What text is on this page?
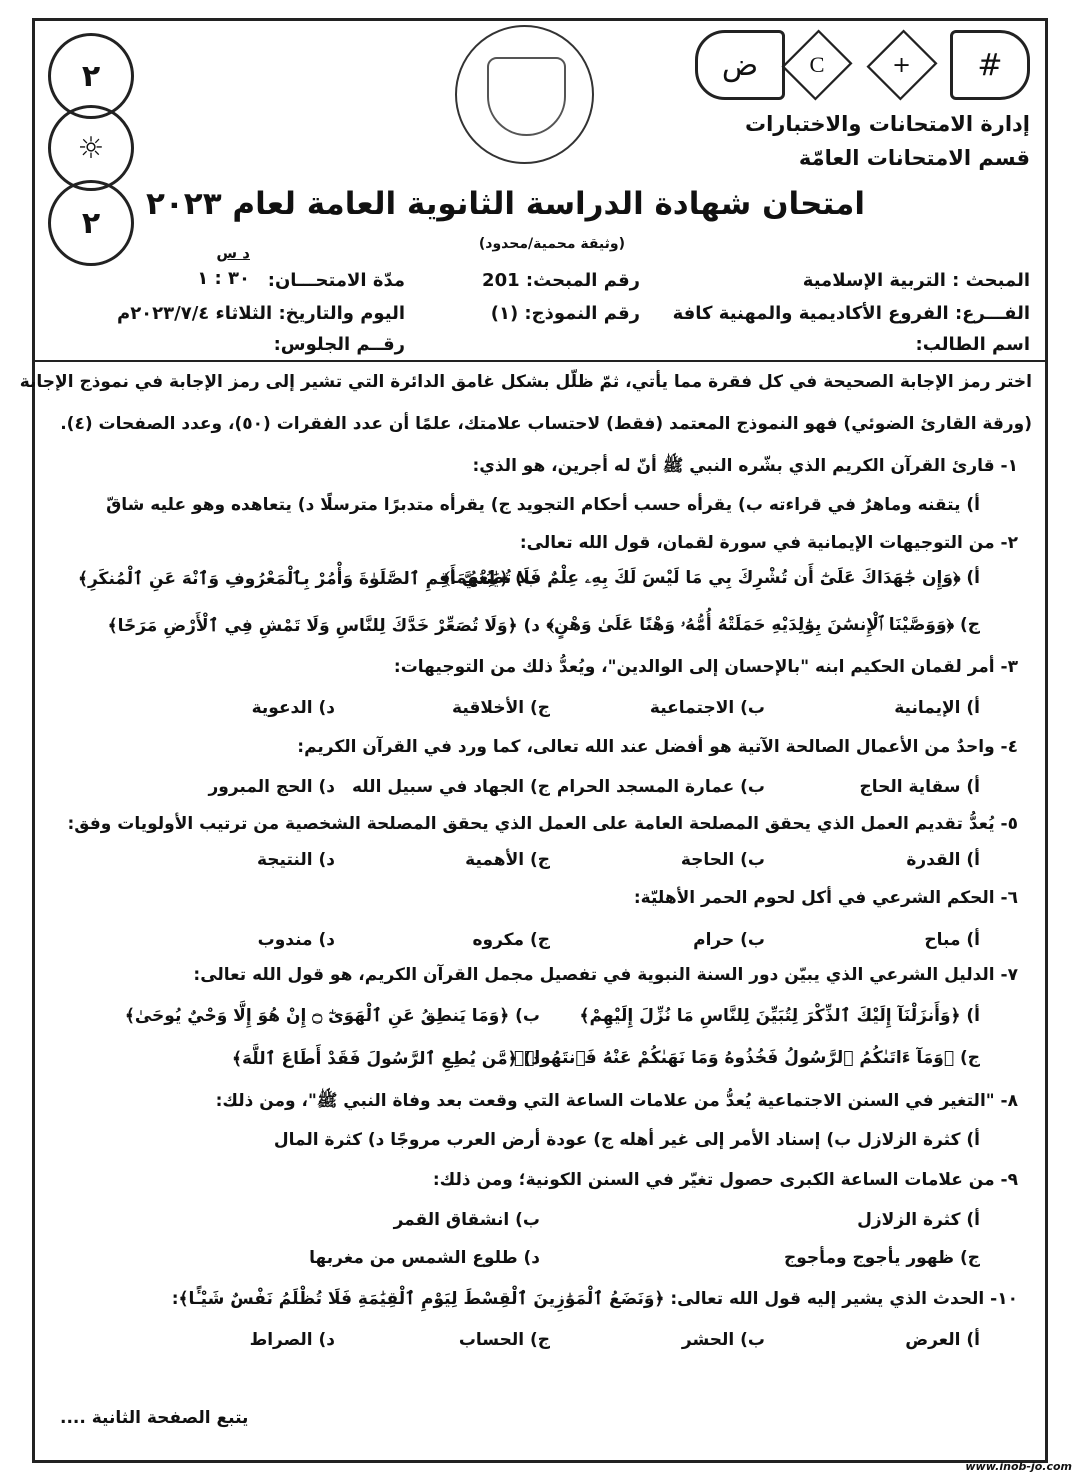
٢
☼
٢
#
+
C
ض
إدارة الامتحانات والاختبارات
قسم الامتحانات العامّة
امتحان شهادة الدراسة الثانوية العامة لعام ٢٠٢٣
(وثيقة محمية/محدود)
المبحث : التربية الإسلامية
الفـــرع: الفروع الأكاديمية والمهنية كافة
اسم الطالب:
رقم المبحث: 201
رقم النموذج: (١)
مدّة الامتحـــان:
٣٠ : ١
د س
اليوم والتاريخ: الثلاثاء ٢٠٢٣/٧/٤م
رقــم الجلوس:
اختر رمز الإجابة الصحيحة في كل فقرة مما يأتي، ثمّ ظلّل بشكل غامق الدائرة التي تشير إلى رمز الإجابة في نموذج الإجابة
(ورقة القارئ الضوئي) فهو النموذج المعتمد (فقط) لاحتساب علامتك، علمًا أن عدد الفقرات (٥٠)، وعدد الصفحات (٤).
١- قارئ القرآن الكريم الذي بشّره النبي ﷺ أنّ له أجرين، هو الذي:
أ) يتقنه وماهرٌ في قراءته ب) يقرأه حسب أحكام التجويد ج) يقرأه متدبرًا مترسلًا د) يتعاهده وهو عليه شاقّ
٢- من التوجيهات الإيمانية في سورة لقمان، قول الله تعالى:
أ) ﴿وَإِن جَٰهَدَاكَ عَلَىٰٓ أَن تُشْرِكَ بِي مَا لَيْسَ لَكَ بِهِۦ عِلْمٌ فَلَا تُطِعْهُمَا﴾
ب) ﴿يَٰبُنَيَّ أَقِمِ ٱلصَّلَوٰةَ وَأْمُرْ بِٱلْمَعْرُوفِ وَٱنْهَ عَنِ ٱلْمُنكَرِ﴾
ج) ﴿وَوَصَّيْنَا ٱلْإِنسَٰنَ بِوَٰلِدَيْهِ حَمَلَتْهُ أُمُّهُۥ وَهْنًا عَلَىٰ وَهْنٍ﴾
د) ﴿وَلَا تُصَعِّرْ خَدَّكَ لِلنَّاسِ وَلَا تَمْشِ فِي ٱلْأَرْضِ مَرَحًا﴾
٣- أمر لقمان الحكيم ابنه "بالإحسان إلى الوالدين"، ويُعدُّ ذلك من التوجيهات:
أ) الإيمانية
ب) الاجتماعية
ج) الأخلاقية
د) الدعوية
٤- واحدٌ من الأعمال الصالحة الآتية هو أفضل عند الله تعالى، كما ورد في القرآن الكريم:
أ) سقاية الحاج
ب) عمارة المسجد الحرام
ج) الجهاد في سبيل الله
د) الحج المبرور
٥- يُعدُّ تقديم العمل الذي يحقق المصلحة العامة على العمل الذي يحقق المصلحة الشخصية من ترتيب الأولويات وفق:
أ) القدرة
ب) الحاجة
ج) الأهمية
د) النتيجة
٦- الحكم الشرعي في أكل لحوم الحمر الأهليّة:
أ) مباح
ب) حرام
ج) مكروه
د) مندوب
٧- الدليل الشرعي الذي يبيّن دور السنة النبوية في تفصيل مجمل القرآن الكريم، هو قول الله تعالى:
أ) ﴿وَأَنزَلْنَآ إِلَيْكَ ٱلذِّكْرَ لِتُبَيِّنَ لِلنَّاسِ مَا نُزِّلَ إِلَيْهِمْ﴾
ب) ﴿وَمَا يَنطِقُ عَنِ ٱلْهَوَىٰٓ ۝ إِنْ هُوَ إِلَّا وَحْيٌ يُوحَىٰ﴾
ج) ﴿وَمَآ ءَاتَىٰكُمُ ٱلرَّسُولُ فَخُذُوهُ وَمَا نَهَىٰكُمْ عَنْهُ فَٱنتَهُوا۟﴾
د) ﴿مَّن يُطِعِ ٱلرَّسُولَ فَقَدْ أَطَاعَ ٱللَّهَ﴾
٨- "التغير في السنن الاجتماعية يُعدُّ من علامات الساعة التي وقعت بعد وفاة النبي ﷺ"، ومن ذلك:
أ) كثرة الزلازل ب) إسناد الأمر إلى غير أهله ج) عودة أرض العرب مروجًا د) كثرة المال
٩- من علامات الساعة الكبرى حصول تغيّر في السنن الكونية؛ ومن ذلك:
أ) كثرة الزلازل
ب) انشقاق القمر
ج) ظهور يأجوج ومأجوج
د) طلوع الشمس من مغربها
١٠- الحدث الذي يشير إليه قول الله تعالى: ﴿وَنَضَعُ ٱلْمَوَٰزِينَ ٱلْقِسْطَ لِيَوْمِ ٱلْقِيَٰمَةِ فَلَا تُظْلَمُ نَفْسٌ شَيْـًٔا﴾:
أ) العرض
ب) الحشر
ج) الحساب
د) الصراط
يتبع الصفحة الثانية ....
www.inob-jo.com
